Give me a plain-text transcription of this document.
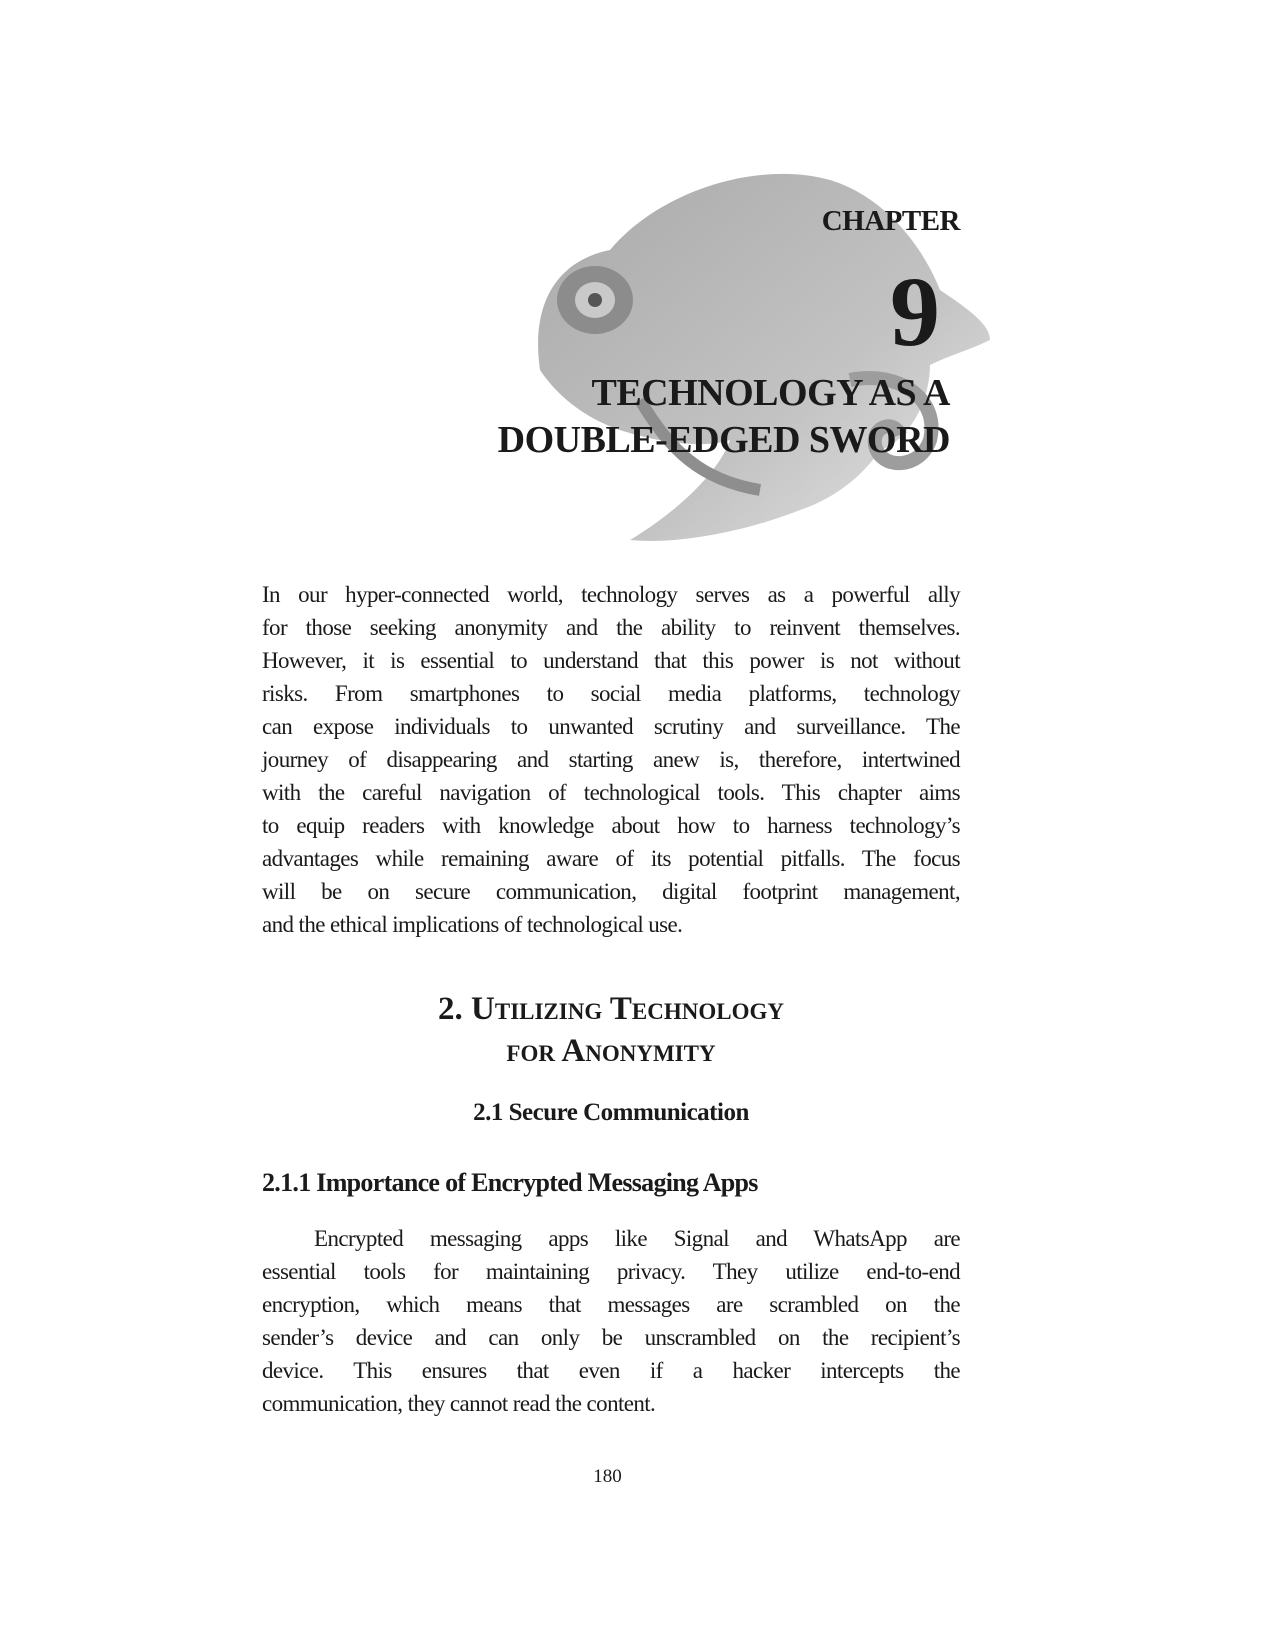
CHAPTER
9
TECHNOLOGY AS A
DOUBLE-EDGED SWORD
In our hyper-connected world, technology serves as a powerful ally
for those seeking anonymity and the ability to reinvent themselves.
However, it is essential to understand that this power is not without
risks. From smartphones to social media platforms, technology
can expose individuals to unwanted scrutiny and surveillance. The
journey of disappearing and starting anew is, therefore, intertwined
with the careful navigation of technological tools. This chapter aims
to equip readers with knowledge about how to harness technology’s
advantages while remaining aware of its potential pitfalls. The focus
will be on secure communication, digital footprint management,
and the ethical implications of technological use.
2. Utilizing Technology
for Anonymity
2.1 Secure Communication
2.1.1 Importance of Encrypted Messaging Apps
Encrypted messaging apps like Signal and WhatsApp are
essential tools for maintaining privacy. They utilize end-to-end
encryption, which means that messages are scrambled on the
sender’s device and can only be unscrambled on the recipient’s
device. This ensures that even if a hacker intercepts the
communication, they cannot read the content.
180
